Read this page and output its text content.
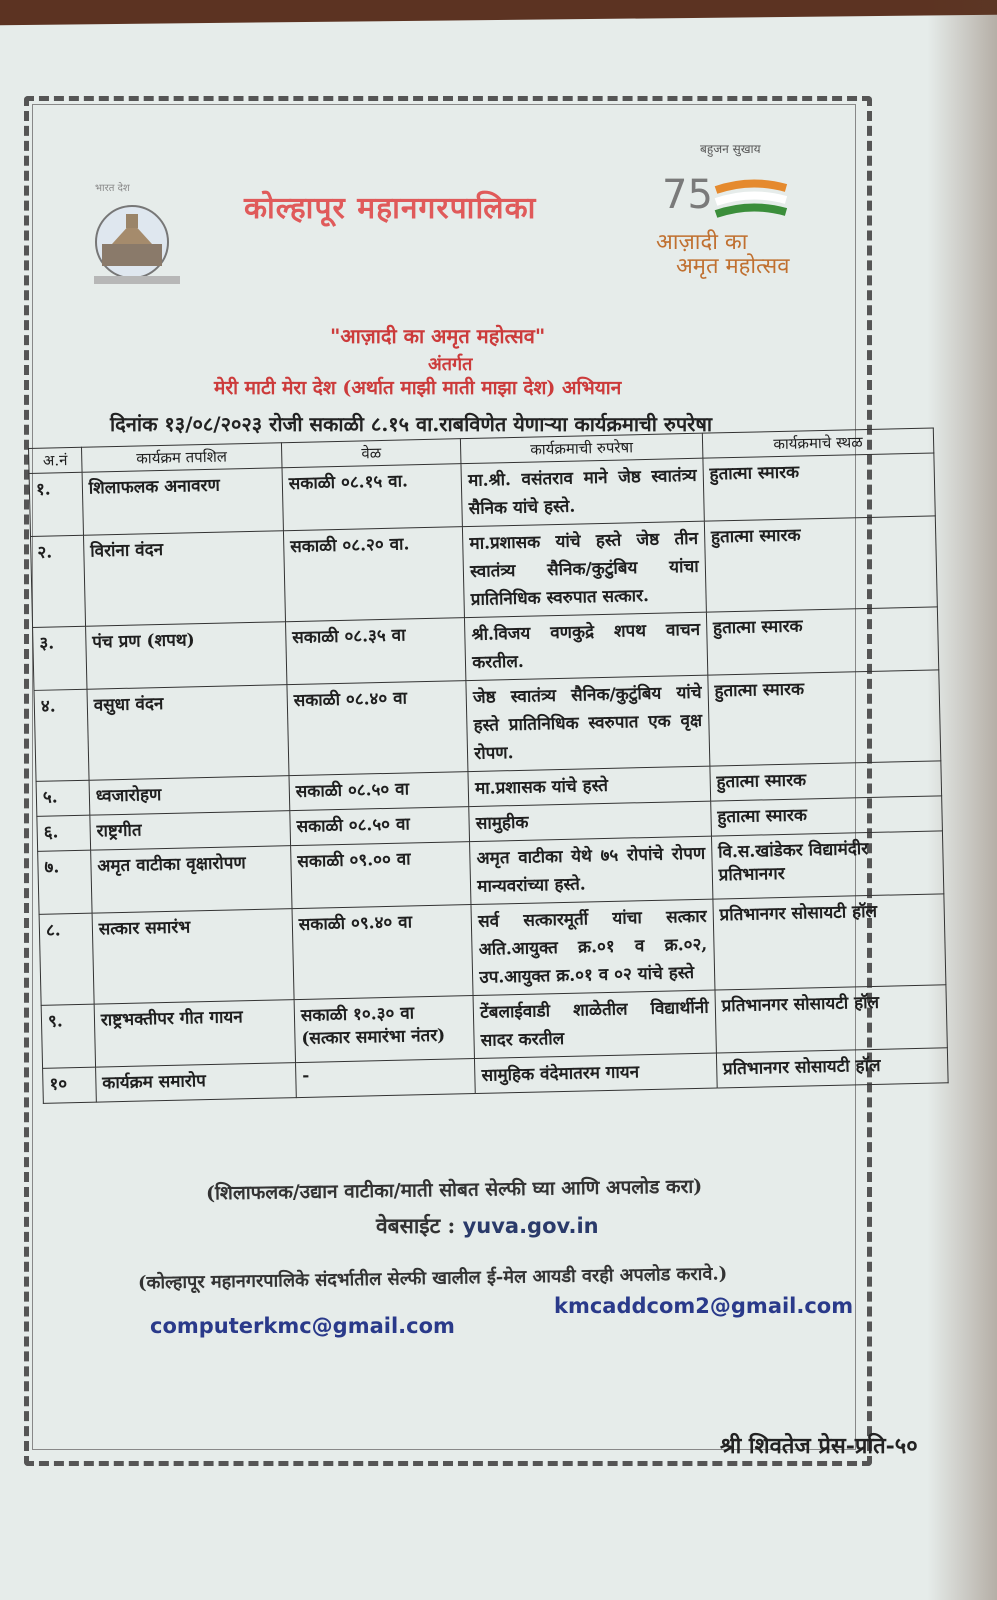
भारत देश
कोल्हापूर महानगरपालिका
बहुजन सुखाय
75
आज़ादी का
अमृत महोत्सव
"आज़ादी का अमृत महोत्सव"
अंतर्गत
मेरी माटी मेरा देश (अर्थात माझी माती माझा देश) अभियान
दिनांक १३/०८/२०२३ रोजी सकाळी ८.१५ वा.राबविणेत येणाऱ्या कार्यक्रमाची रुपरेषा
अ.नं	कार्यक्रम तपशिल	वेळ	कार्यक्रमाची रुपरेषा	कार्यक्रमाचे स्थळ
१.	शिलाफलक अनावरण	सकाळी ०८.१५ वा.	मा.श्री. वसंतराव माने जेष्ठ स्वातंत्र्य सैनिक यांचे हस्ते.	हुतात्मा स्मारक
२.	विरांना वंदन	सकाळी ०८.२० वा.	मा.प्रशासक यांचे हस्ते जेष्ठ तीन स्वातंत्र्य सैनिक/कुटुंबिय यांचा प्रातिनिधिक स्वरुपात सत्कार.	हुतात्मा स्मारक
३.	पंच प्रण (शपथ)	सकाळी ०८.३५ वा	श्री.विजय वणकुद्रे शपथ वाचन करतील.	हुतात्मा स्मारक
४.	वसुधा वंदन	सकाळी ०८.४० वा	जेष्ठ स्वातंत्र्य सैनिक/कुटुंबिय यांचे हस्ते प्रातिनिधिक स्वरुपात एक वृक्ष रोपण.	हुतात्मा स्मारक
५.	ध्वजारोहण	सकाळी ०८.५० वा	मा.प्रशासक यांचे हस्ते	हुतात्मा स्मारक
६.	राष्ट्रगीत	सकाळी ०८.५० वा	सामुहीक	हुतात्मा स्मारक
७.	अमृत वाटीका वृक्षारोपण	सकाळी ०९.०० वा	अमृत वाटीका येथे ७५ रोपांचे रोपण मान्यवरांच्या हस्ते.	वि.स.खांडेकर विद्यामंदीर प्रतिभानगर
८.	सत्कार समारंभ	सकाळी ०९.४० वा	सर्व सत्कारमूर्ती यांचा सत्कार अति.आयुक्त क्र.०१ व क्र.०२, उप.आयुक्त क्र.०१ व ०२ यांचे हस्ते	प्रतिभानगर सोसायटी हॉल
९.	राष्ट्रभक्तीपर गीत गायन	सकाळी १०.३० वा (सत्कार समारंभा नंतर)	टेंबलाईवाडी शाळेतील विद्यार्थीनी सादर करतील	प्रतिभानगर सोसायटी हॉल
१०	कार्यक्रम समारोप	-	सामुहिक वंदेमातरम गायन	प्रतिभानगर सोसायटी हॉल
(शिलाफलक/उद्यान वाटीका/माती सोबत सेल्फी घ्या आणि अपलोड करा)
वेबसाईट : yuva.gov.in
(कोल्हापूर महानगरपालिके संदर्भातील सेल्फी खालील ई-मेल आयडी वरही अपलोड करावे.)
computerkmc@gmail.com
kmcaddcom2@gmail.com
श्री शिवतेज प्रेस-प्रति-५०
